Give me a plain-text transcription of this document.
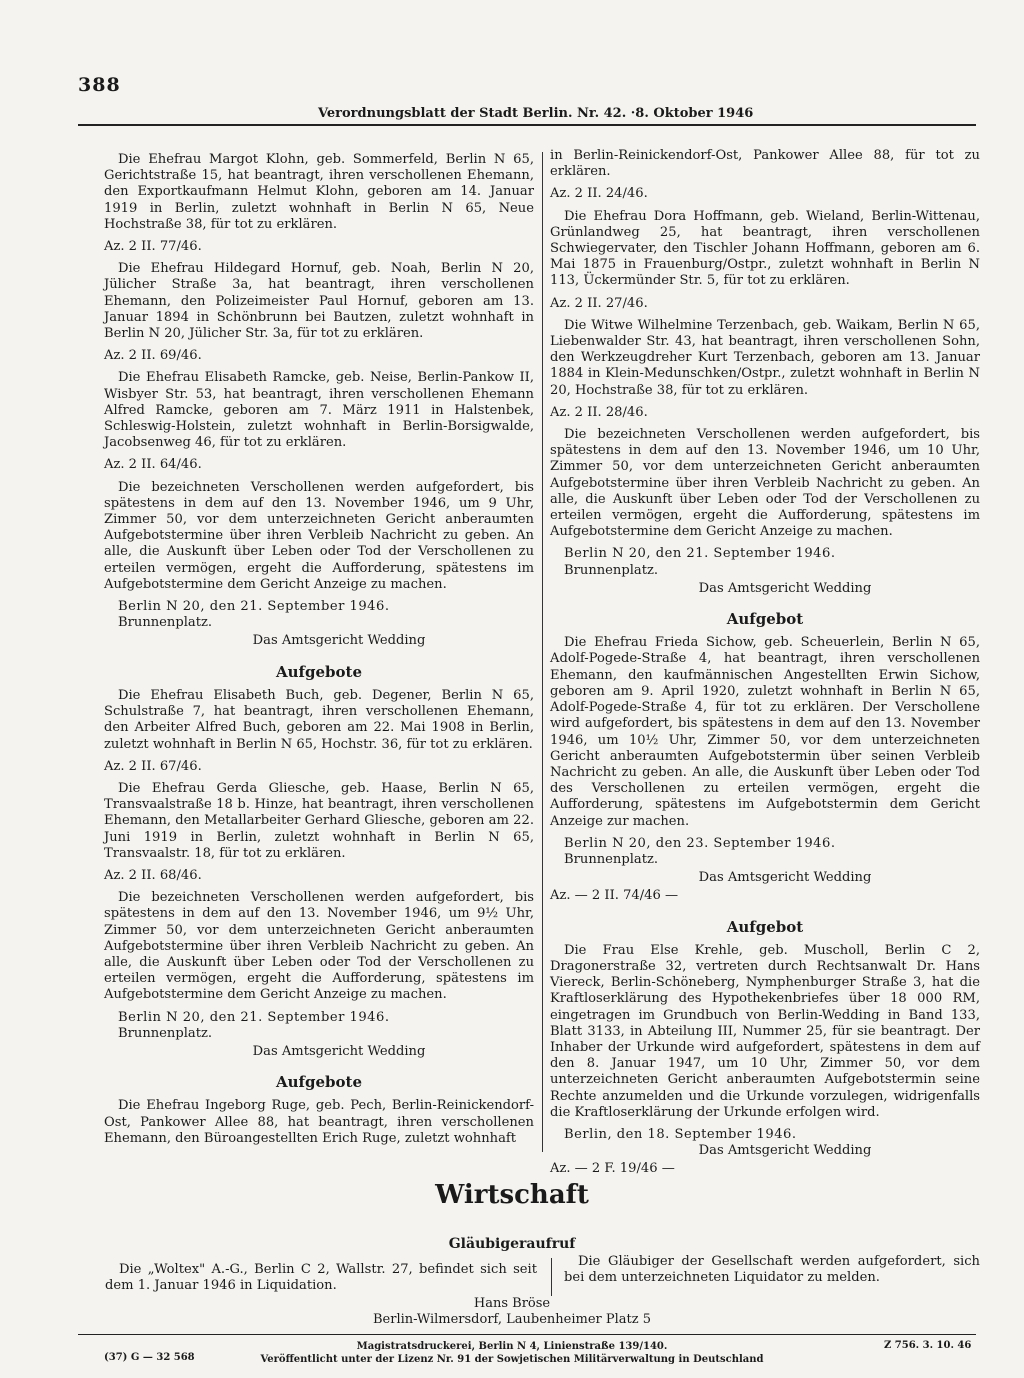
388
Verordnungsblatt der Stadt Berlin. Nr. 42. ·8. Oktober 1946

Die Ehefrau Margot Klohn, geb. Sommerfeld, Berlin N 65, Gerichtstraße 15, hat beantragt, ihren verschollenen Ehemann, den Exportkaufmann Helmut Klohn, geboren am 14. Januar 1919 in Berlin, zuletzt wohnhaft in Berlin N 65, Neue Hochstraße 38, für tot zu erklären.

Az. 2 II. 77/46.

Die Ehefrau Hildegard Hornuf, geb. Noah, Berlin N 20, Jülicher Straße 3a, hat beantragt, ihren verschollenen Ehemann, den Polizeimeister Paul Hornuf, geboren am 13. Januar 1894 in Schönbrunn bei Bautzen, zuletzt wohnhaft in Berlin N 20, Jülicher Str. 3a, für tot zu erklären.

Az. 2 II. 69/46.

Die Ehefrau Elisabeth Ramcke, geb. Neise, Berlin-Pankow II, Wisbyer Str. 53, hat beantragt, ihren verschollenen Ehemann Alfred Ramcke, geboren am 7. März 1911 in Halstenbek, Schleswig-Holstein, zuletzt wohnhaft in Berlin-Borsigwalde, Jacobsenweg 46, für tot zu erklären.

Az. 2 II. 64/46.

Die bezeichneten Verschollenen werden aufgefordert, bis spätestens in dem auf den 13. November 1946, um 9 Uhr, Zimmer 50, vor dem unterzeichneten Gericht anberaumten Aufgebotstermine über ihren Verbleib Nachricht zu geben. An alle, die Auskunft über Leben oder Tod der Verschollenen zu erteilen vermögen, ergeht die Aufforderung, spätestens im Aufgebotstermine dem Gericht Anzeige zu machen.

Berlin N 20, den 21. September 1946.

Brunnenplatz.

Das Amtsgericht Wedding

Aufgebote

Die Ehefrau Elisabeth Buch, geb. Degener, Berlin N 65, Schulstraße 7, hat beantragt, ihren verschollenen Ehemann, den Arbeiter Alfred Buch, geboren am 22. Mai 1908 in Berlin, zuletzt wohnhaft in Berlin N 65, Hochstr. 36, für tot zu erklären.

Az. 2 II. 67/46.

Die Ehefrau Gerda Gliesche, geb. Haase, Berlin N 65, Transvaalstraße 18 b. Hinze, hat beantragt, ihren verschollenen Ehemann, den Metallarbeiter Gerhard Gliesche, geboren am 22. Juni 1919 in Berlin, zuletzt wohnhaft in Berlin N 65, Transvaalstr. 18, für tot zu erklären.

Az. 2 II. 68/46.

Die bezeichneten Verschollenen werden aufgefordert, bis spätestens in dem auf den 13. November 1946, um 9½ Uhr, Zimmer 50, vor dem unterzeichneten Gericht anberaumten Aufgebotstermine über ihren Verbleib Nachricht zu geben. An alle, die Auskunft über Leben oder Tod der Verschollenen zu erteilen vermögen, ergeht die Aufforderung, spätestens im Aufgebotstermine dem Gericht Anzeige zu machen.

Berlin N 20, den 21. September 1946.

Brunnenplatz.

Das Amtsgericht Wedding

Aufgebote

Die Ehefrau Ingeborg Ruge, geb. Pech, Berlin-Reinickendorf-Ost, Pankower Allee 88, hat beantragt, ihren verschollenen Ehemann, den Büroangestellten Erich Ruge, zuletzt wohnhaft

in Berlin-Reinickendorf-Ost, Pankower Allee 88, für tot zu erklären.

Az. 2 II. 24/46.

Die Ehefrau Dora Hoffmann, geb. Wieland, Berlin-Wittenau, Grünlandweg 25, hat beantragt, ihren verschollenen Schwiegervater, den Tischler Johann Hoffmann, geboren am 6. Mai 1875 in Frauenburg/Ostpr., zuletzt wohnhaft in Berlin N 113, Ückermünder Str. 5, für tot zu erklären.

Az. 2 II. 27/46.

Die Witwe Wilhelmine Terzenbach, geb. Waikam, Berlin N 65, Liebenwalder Str. 43, hat beantragt, ihren verschollenen Sohn, den Werkzeugdreher Kurt Terzenbach, geboren am 13. Januar 1884 in Klein-Medunschken/Ostpr., zuletzt wohnhaft in Berlin N 20, Hochstraße 38, für tot zu erklären.

Az. 2 II. 28/46.

Die bezeichneten Verschollenen werden aufgefordert, bis spätestens in dem auf den 13. November 1946, um 10 Uhr, Zimmer 50, vor dem unterzeichneten Gericht anberaumten Aufgebotstermine über ihren Verbleib Nachricht zu geben. An alle, die Auskunft über Leben oder Tod der Verschollenen zu erteilen vermögen, ergeht die Aufforderung, spätestens im Aufgebotstermine dem Gericht Anzeige zu machen.

Berlin N 20, den 21. September 1946.

Brunnenplatz.

Das Amtsgericht Wedding

Aufgebot

Die Ehefrau Frieda Sichow, geb. Scheuerlein, Berlin N 65, Adolf-Pogede-Straße 4, hat beantragt, ihren verschollenen Ehemann, den kaufmännischen Angestellten Erwin Sichow, geboren am 9. April 1920, zuletzt wohnhaft in Berlin N 65, Adolf-Pogede-Straße 4, für tot zu erklären. Der Verschollene wird aufgefordert, bis spätestens in dem auf den 13. November 1946, um 10½ Uhr, Zimmer 50, vor dem unterzeichneten Gericht anberaumten Aufgebotstermin über seinen Verbleib Nachricht zu geben. An alle, die Auskunft über Leben oder Tod des Verschollenen zu erteilen vermögen, ergeht die Aufforderung, spätestens im Aufgebotstermin dem Gericht Anzeige zur machen.

Berlin N 20, den 23. September 1946.

Brunnenplatz.

Das Amtsgericht Wedding

Az. — 2 II. 74/46 —

Aufgebot

Die Frau Else Krehle, geb. Muscholl, Berlin C 2, Dragonerstraße 32, vertreten durch Rechtsanwalt Dr. Hans Viereck, Berlin-Schöneberg, Nymphenburger Straße 3, hat die Kraftloserklärung des Hypothekenbriefes über 18 000 RM, eingetragen im Grundbuch von Berlin-Wedding in Band 133, Blatt 3133, in Abteilung III, Nummer 25, für sie beantragt. Der Inhaber der Urkunde wird aufgefordert, spätestens in dem auf den 8. Januar 1947, um 10 Uhr, Zimmer 50, vor dem unterzeichneten Gericht anberaumten Aufgebotstermin seine Rechte anzumelden und die Urkunde vorzulegen, widrigenfalls die Kraftloserklärung der Urkunde erfolgen wird.

Berlin, den 18. September 1946.

Das Amtsgericht Wedding

Az. — 2 F. 19/46 —

Wirtschaft
Gläubigeraufruf
Die „Woltex" A.-G., Berlin C 2, Wallstr. 27, befindet sich seit dem 1. Januar 1946 in Liquidation.
Die Gläubiger der Gesellschaft werden aufgefordert, sich bei dem unterzeichneten Liquidator zu melden.
Hans Bröse
Berlin-Wilmersdorf, Laubenheimer Platz 5
(37) G — 32 568
Magistratsdruckerei, Berlin N 4, Linienstraße 139/140.
Veröffentlicht unter der Lizenz Nr. 91 der Sowjetischen Militärverwaltung in Deutschland
Z 756. 3. 10. 46
